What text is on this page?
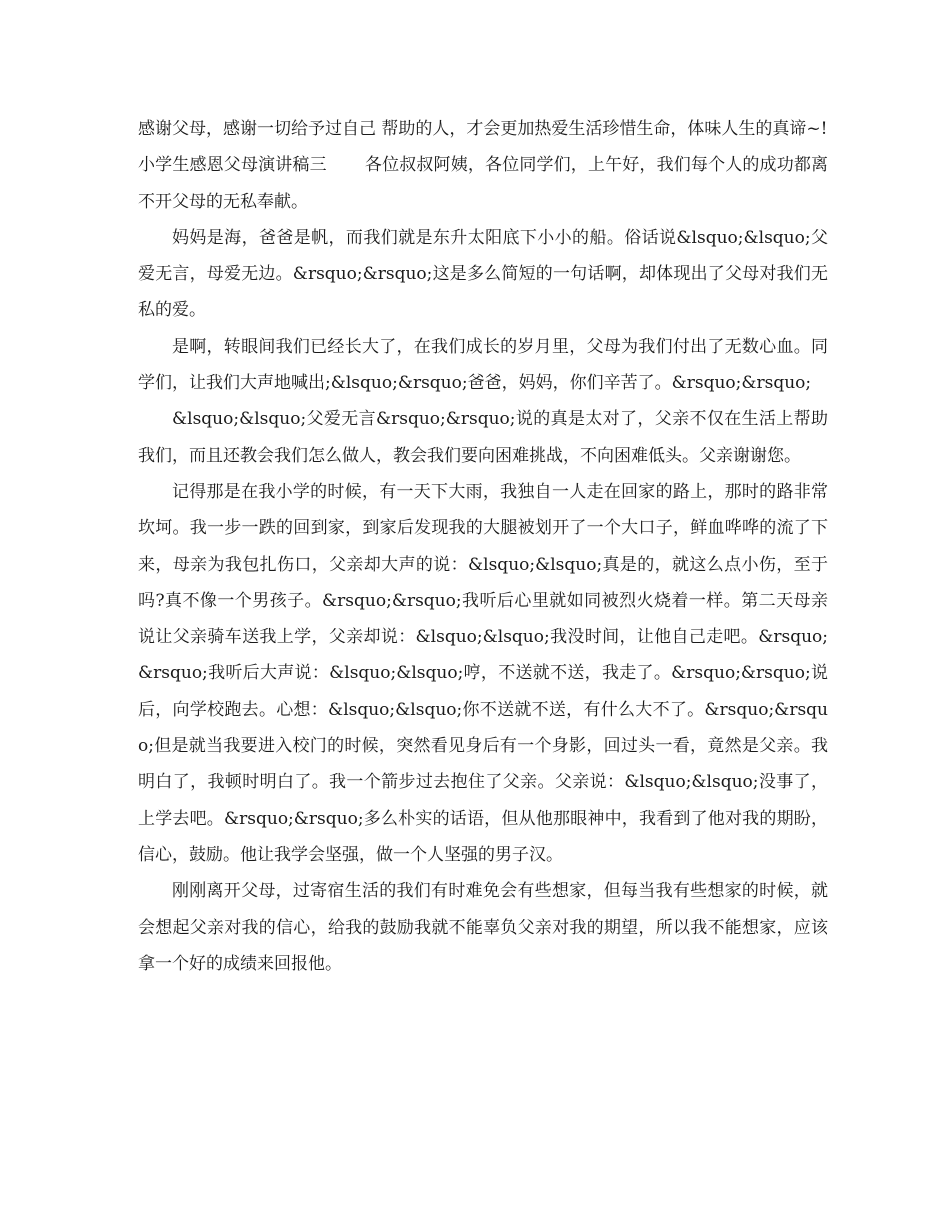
感谢父母，感谢一切给予过自己 帮助的人，才会更加热爱生活珍惜生命，体味人生的真谛~!

小学生感恩父母演讲稿三 各位叔叔阿姨，各位同学们，上午好，我们每个人的成功都离不开父母的无私奉献。

妈妈是海，爸爸是帆，而我们就是东升太阳底下小小的船。俗话说&lsquo;&lsquo;父爱无言，母爱无边。&rsquo;&rsquo;这是多么简短的一句话啊，却体现出了父母对我们无私的爱。

是啊，转眼间我们已经长大了，在我们成长的岁月里，父母为我们付出了无数心血。同学们，让我们大声地喊出;&lsquo;&rsquo;爸爸，妈妈，你们辛苦了。&rsquo;&rsquo;

&lsquo;&lsquo;父爱无言&rsquo;&rsquo;说的真是太对了，父亲不仅在生活上帮助我们，而且还教会我们怎么做人，教会我们要向困难挑战，不向困难低头。父亲谢谢您。

记得那是在我小学的时候，有一天下大雨，我独自一人走在回家的路上，那时的路非常坎坷。我一步一跌的回到家，到家后发现我的大腿被划开了一个大口子，鲜血哗哗的流了下来，母亲为我包扎伤口，父亲却大声的说：&lsquo;&lsquo;真是的，就这么点小伤，至于吗?真不像一个男孩子。&rsquo;&rsquo;我听后心里就如同被烈火烧着一样。第二天母亲说让父亲骑车送我上学，父亲却说：&lsquo;&lsquo;我没时间，让他自己走吧。&rsquo;&rsquo;我听后大声说：&lsquo;&lsquo;哼，不送就不送，我走了。&rsquo;&rsquo;说后，向学校跑去。心想：&lsquo;&lsquo;你不送就不送，有什么大不了。&rsquo;&rsquo;但是就当我要进入校门的时候，突然看见身后有一个身影，回过头一看，竟然是父亲。我明白了，我顿时明白了。我一个箭步过去抱住了父亲。父亲说：&lsquo;&lsquo;没事了，上学去吧。&rsquo;&rsquo;多么朴实的话语，但从他那眼神中，我看到了他对我的期盼，信心，鼓励。他让我学会坚强，做一个人坚强的男子汉。

刚刚离开父母，过寄宿生活的我们有时难免会有些想家，但每当我有些想家的时候，就会想起父亲对我的信心，给我的鼓励我就不能辜负父亲对我的期望，所以我不能想家，应该拿一个好的成绩来回报他。
